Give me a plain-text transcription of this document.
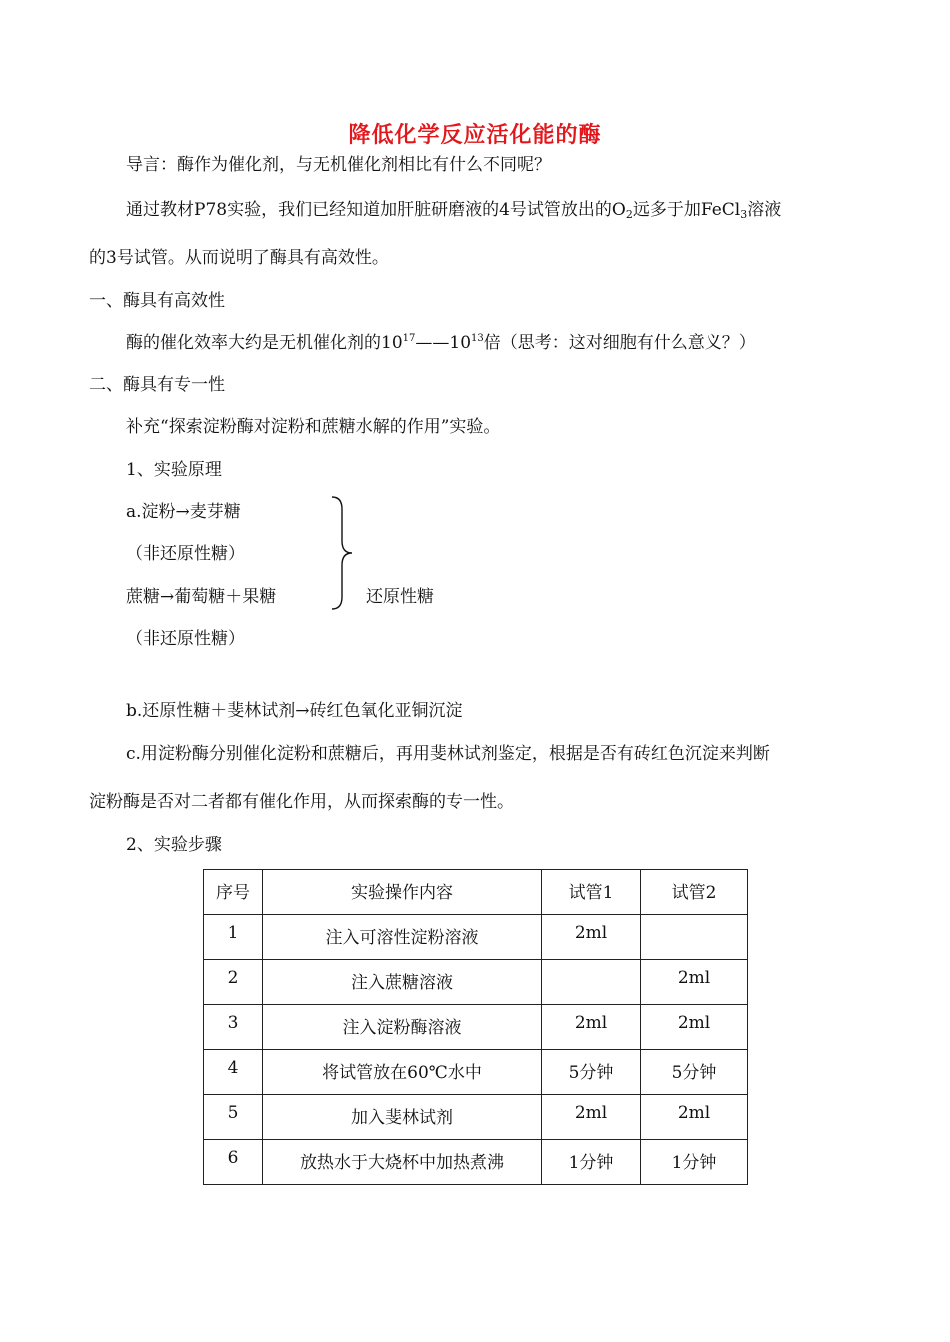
降低化学反应活化能的酶
导言：酶作为催化剂，与无机催化剂相比有什么不同呢？
通过教材P78实验，我们已经知道加肝脏研磨液的4号试管放出的$O_2$远多于加FeCl$_3$溶液
的3号试管。从而说明了酶具有高效性。
一、酶具有高效性
酶的催化效率大约是无机催化剂的$10^{17}——10^{13}$倍（思考：这对细胞有什么意义？）
二、酶具有专一性
补充“探索淀粉酶对淀粉和蔗糖水解的作用”实验。
1、实验原理
a.淀粉→麦芽糖
（非还原性糖）
蔗糖→葡萄糖＋果糖
（非还原性糖）
还原性糖
b.还原性糖＋斐林试剂→砖红色氧化亚铜沉淀
c.用淀粉酶分别催化淀粉和蔗糖后，再用斐林试剂鉴定，根据是否有砖红色沉淀来判断
淀粉酶是否对二者都有催化作用，从而探索酶的专一性。
2、实验步骤
序号	实验操作内容	试管1	试管2
1	注入可溶性淀粉溶液	2ml	
2	注入蔗糖溶液		2ml
3	注入淀粉酶溶液	2ml	2ml
4	将试管放在60℃水中	5分钟	5分钟
5	加入斐林试剂	2ml	2ml
6	放热水于大烧杯中加热煮沸	1分钟	1分钟
